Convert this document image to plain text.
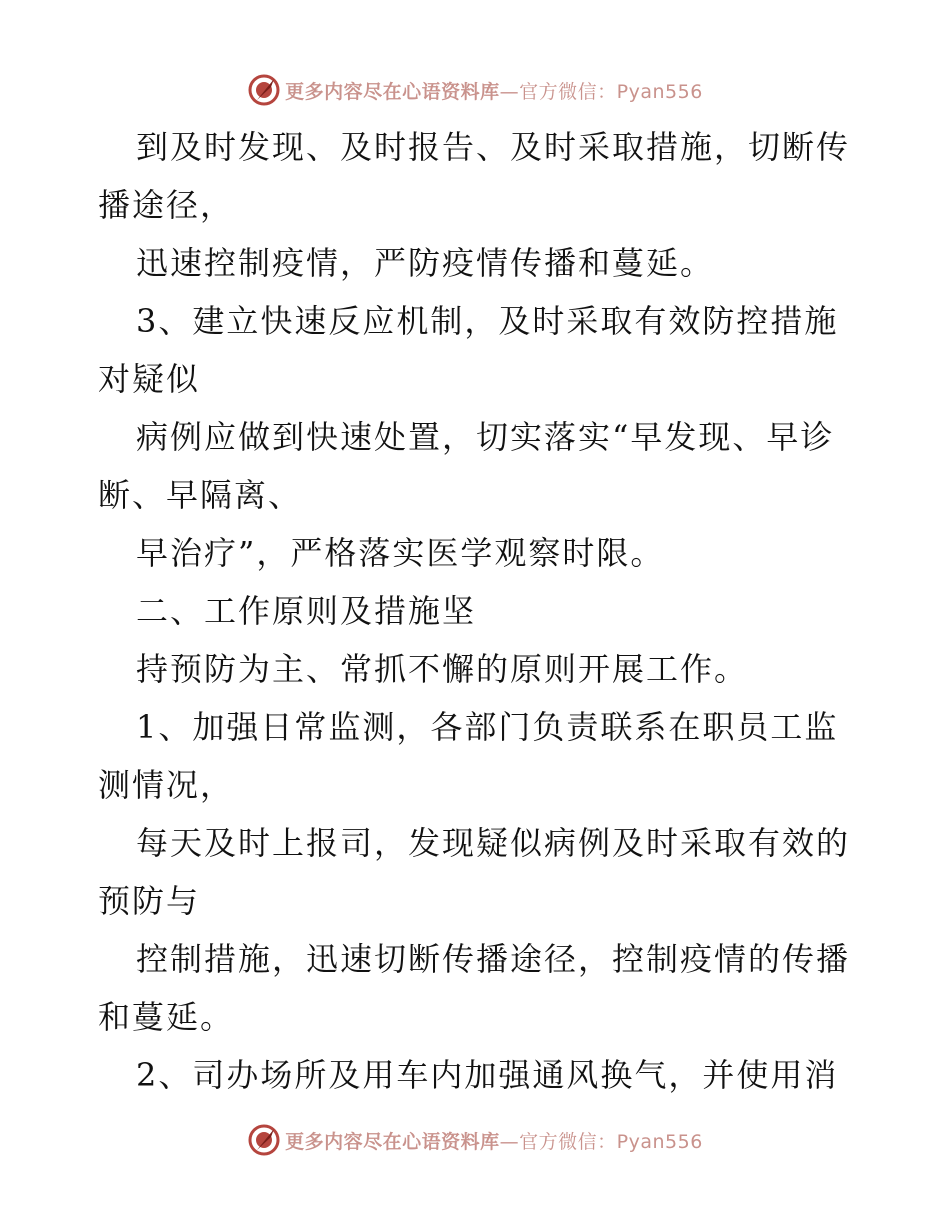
更多内容尽在心语资料库—官方微信：Pyan556
到及时发现、及时报告、及时采取措施，切断传
播途径，
迅速控制疫情，严防疫情传播和蔓延。
3、建立快速反应机制，及时采取有效防控措施
对疑似
病例应做到快速处置，切实落实“早发现、早诊
断、早隔离、
早治疗”，严格落实医学观察时限。
二、工作原则及措施坚
持预防为主、常抓不懈的原则开展工作。
1、加强日常监测，各部门负责联系在职员工监
测情况，
每天及时上报司，发现疑似病例及时采取有效的
预防与
控制措施，迅速切断传播途径，控制疫情的传播
和蔓延。
2、司办场所及用车内加强通风换气，并使用消
更多内容尽在心语资料库—官方微信：Pyan556
